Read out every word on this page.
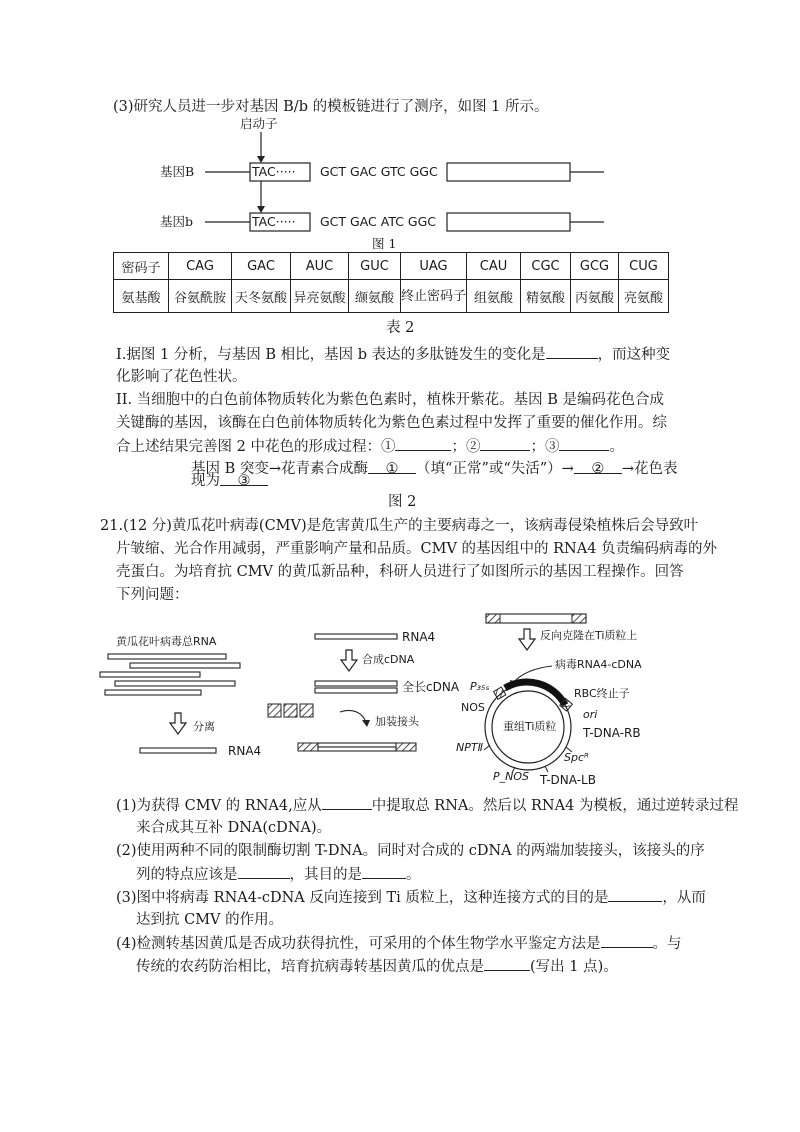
(3)研究人员进一步对基因 B/b 的模板链进行了测序，如图 1 所示。
启动子
基因B	TAC····· GCT GAC GTC GGC
基因b	TAC····· GCT GAC ATC GGC
图 1
密码子	CAG	GAC	AUC	GUC	UAG	CAU	CGC	GCG	CUG
氨基酸	谷氨酰胺	天冬氨酸	异亮氨酸	缬氨酸	终止密码子	组氨酸	精氨酸	丙氨酸	亮氨酸
表 2
I.据图 1 分析，与基因 B 相比，基因 b 表达的多肽链发生的变化是	，而这种变
化影响了花色性状。
II. 当细胞中的白色前体物质转化为紫色色素时，植株开紫花。基因 B 是编码花色合成
关键酶的基因，该酶在白色前体物质转化为紫色色素过程中发挥了重要的催化作用。综
合上述结果完善图 2 中花色的形成过程：①	；②	；③	。
基因 B 突变→花青素合成酶 ① （填“正常”或“失活”）→ ② →花色表
现为 ③
图 2
21.(12 分)黄瓜花叶病毒(CMV)是危害黄瓜生产的主要病毒之一，该病毒侵染植株后会导致叶
片皱缩、光合作用减弱，严重影响产量和品质。CMV 的基因组中的 RNA4 负责编码病毒的外
壳蛋白。为培育抗 CMV 的黄瓜新品种，科研人员进行了如图所示的基因工程操作。回答
下列问题：
黄瓜花叶病毒总RNA
分离
RNA4
RNA4
合成cDNA
全长cDNA
加装接头
反向克隆在Ti质粒上
病毒RNA4-cDNA
P₃₅ₛ
RBC终止子
NOS
ori
重组Ti质粒 T-DNA-RB
NPTⅡ
Spcᴿ
P_NOS T-DNA-LB
(1)为获得 CMV 的 RNA4,应从	中提取总 RNA。然后以 RNA4 为模板，通过逆转录过程
来合成其互补 DNA(cDNA)。
(2)使用两种不同的限制酶切割 T-DNA。同时对合成的 cDNA 的两端加装接头，该接头的序
列的特点应该是	，其目的是	。
(3)图中将病毒 RNA4-cDNA 反向连接到 Ti 质粒上，这种连接方式的目的是	，从而
达到抗 CMV 的作用。
(4)检测转基因黄瓜是否成功获得抗性，可采用的个体生物学水平鉴定方法是	。与
传统的农药防治相比，培育抗病毒转基因黄瓜的优点是	(写出 1 点)。
